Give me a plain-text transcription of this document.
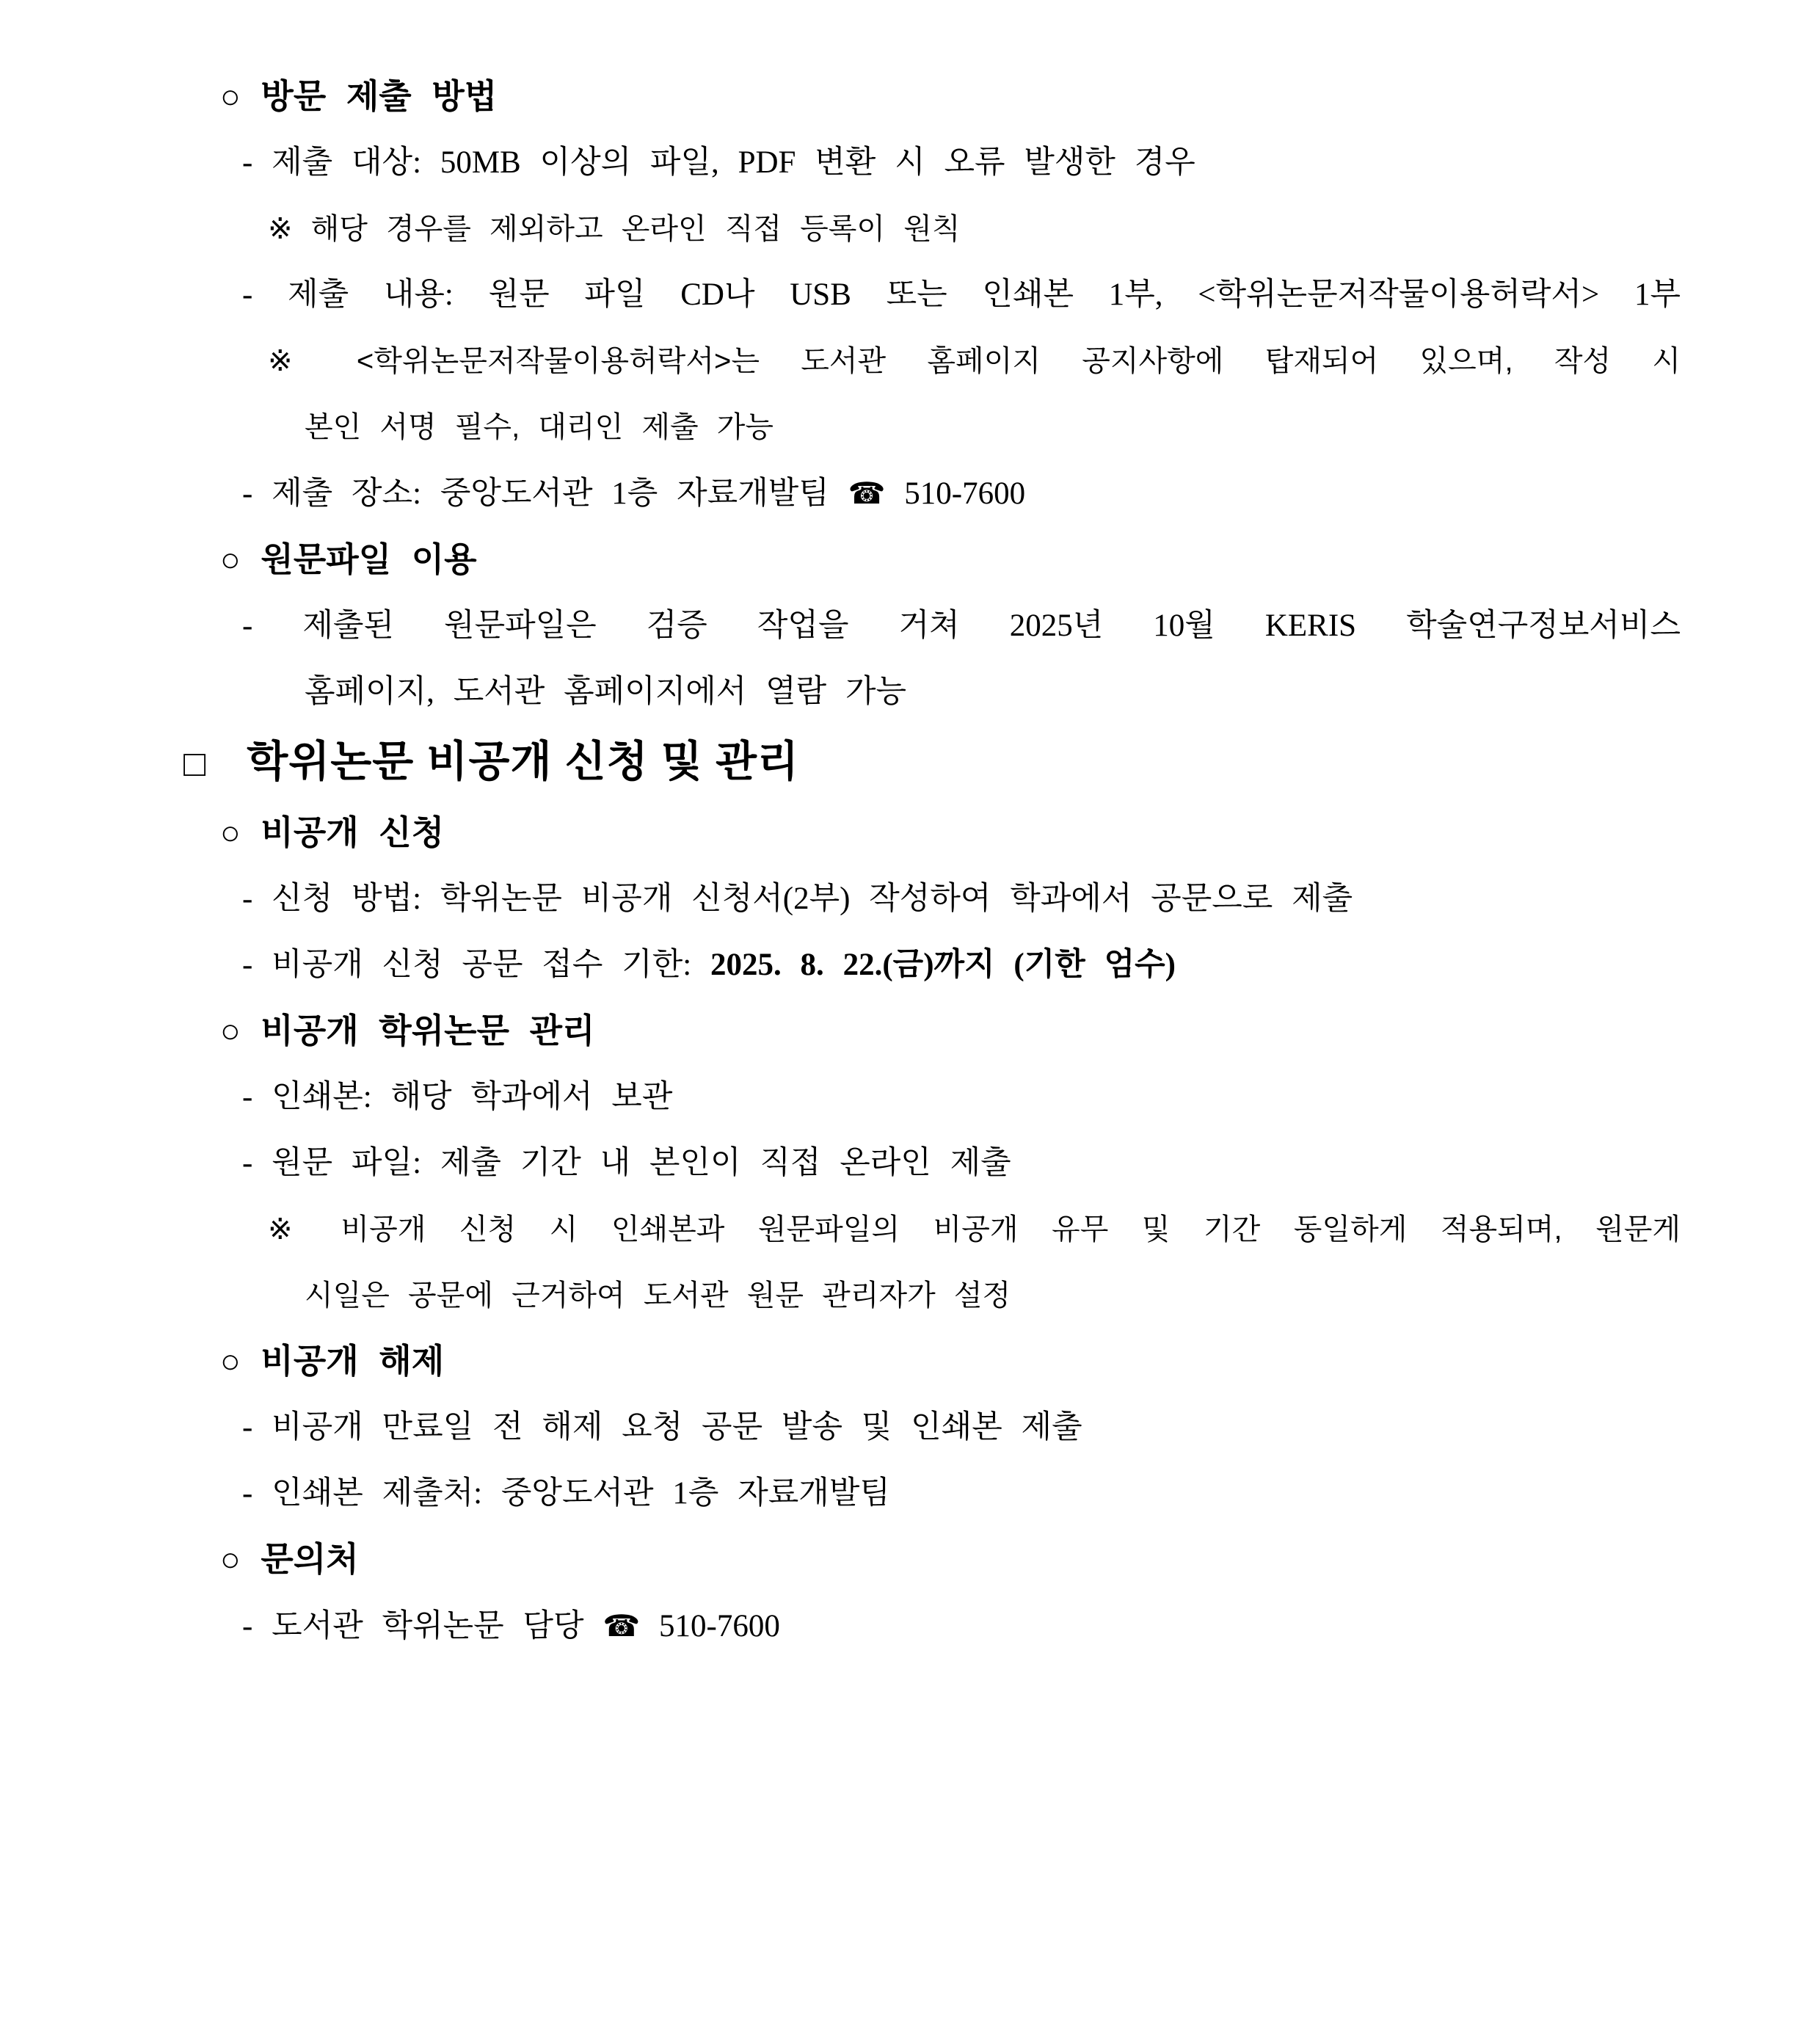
○ 방문 제출 방법

- 제출 대상: 50MB 이상의 파일, PDF 변환 시 오류 발생한 경우

※ 해당 경우를 제외하고 온라인 직접 등록이 원칙

- 제출 내용: 원문 파일 CD나 USB 또는 인쇄본 1부, <학위논문저작물이용허락서> 1부

※ <학위논문저작물이용허락서>는 도서관 홈페이지 공지사항에 탑재되어 있으며, 작성 시

본인 서명 필수, 대리인 제출 가능

- 제출 장소: 중앙도서관 1층 자료개발팀 ☎ 510-7600

○ 원문파일 이용

- 제출된 원문파일은 검증 작업을 거쳐 2025년 10월 KERIS 학술연구정보서비스

홈페이지, 도서관 홈페이지에서 열람 가능

□ 학위논문 비공개 신청 및 관리

○ 비공개 신청

- 신청 방법: 학위논문 비공개 신청서(2부) 작성하여 학과에서 공문으로 제출

- 비공개 신청 공문 접수 기한: 2025. 8. 22.(금)까지 (기한 엄수)

○ 비공개 학위논문 관리

- 인쇄본: 해당 학과에서 보관

- 원문 파일: 제출 기간 내 본인이 직접 온라인 제출

※ 비공개 신청 시 인쇄본과 원문파일의 비공개 유무 및 기간 동일하게 적용되며, 원문게

시일은 공문에 근거하여 도서관 원문 관리자가 설정

○ 비공개 해제

- 비공개 만료일 전 해제 요청 공문 발송 및 인쇄본 제출

- 인쇄본 제출처: 중앙도서관 1층 자료개발팀

○ 문의처

- 도서관 학위논문 담당 ☎ 510-7600
